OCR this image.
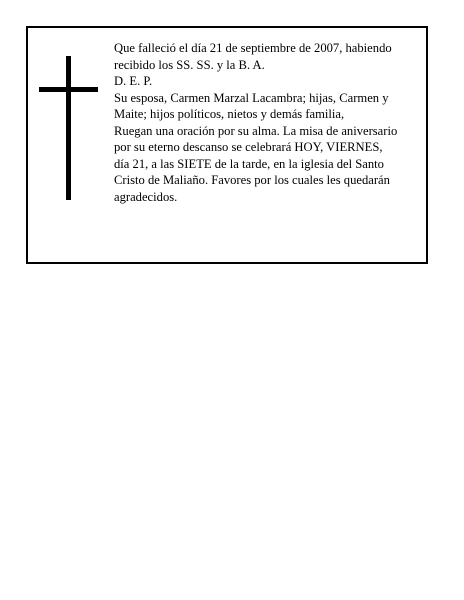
Que falleció el día 21 de septiembre de 2007, habiendo
recibido los SS. SS. y la B. A.
D. E. P.
Su esposa, Carmen Marzal Lacambra; hijas, Carmen y
Maite; hijos políticos, nietos y demás familia,
Ruegan una oración por su alma. La misa de aniversario
por su eterno descanso se celebrará HOY, VIERNES,
día 21, a las SIETE de la tarde, en la iglesia del Santo
Cristo de Maliaño. Favores por los cuales les quedarán
agradecidos.
